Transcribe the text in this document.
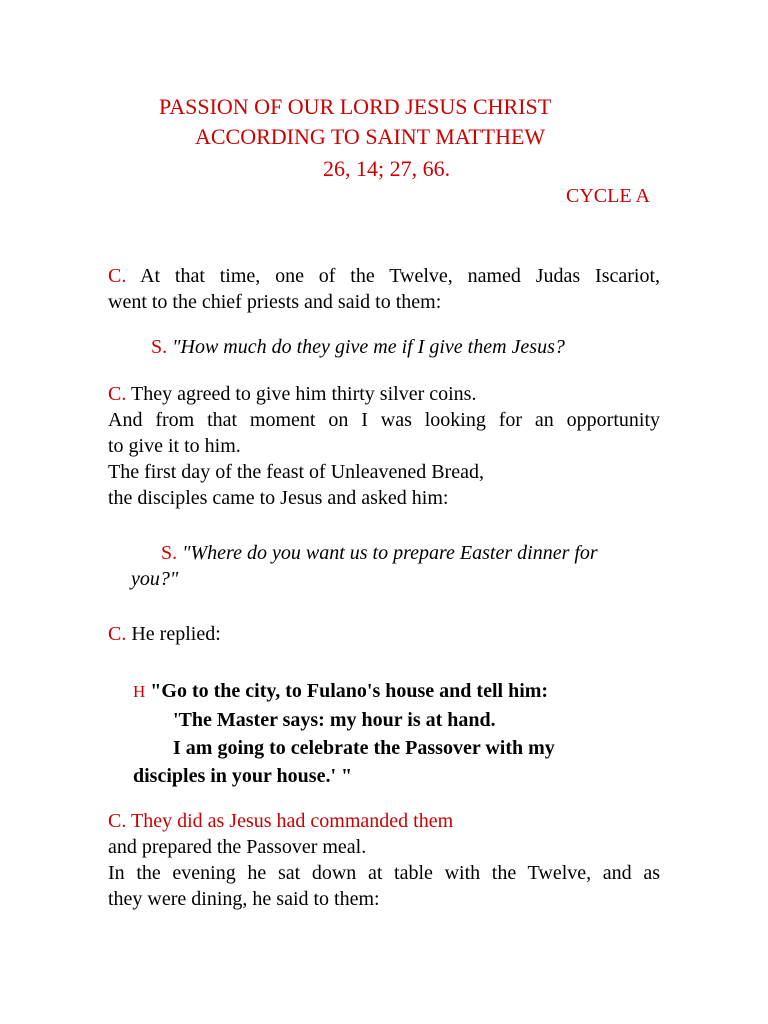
PASSION OF OUR LORD JESUS CHRIST
ACCORDING TO SAINT MATTHEW
26, 14; 27, 66.
CYCLE A
C. At that time, one of the Twelve, named Judas Iscariot,
went to the chief priests and said to them:
S. "How much do they give me if I give them Jesus?
C. They agreed to give him thirty silver coins.
And from that moment on I was looking for an opportunity
to give it to him.
The first day of the feast of Unleavened Bread,
the disciples came to Jesus and asked him:
S. "Where do you want us to prepare Easter dinner for
you?"
C. He replied:
H "Go to the city, to Fulano's house and tell him:
'The Master says: my hour is at hand.
I am going to celebrate the Passover with my
disciples in your house.' "
C. They did as Jesus had commanded them
and prepared the Passover meal.
In the evening he sat down at table with the Twelve, and as
they were dining, he said to them:
